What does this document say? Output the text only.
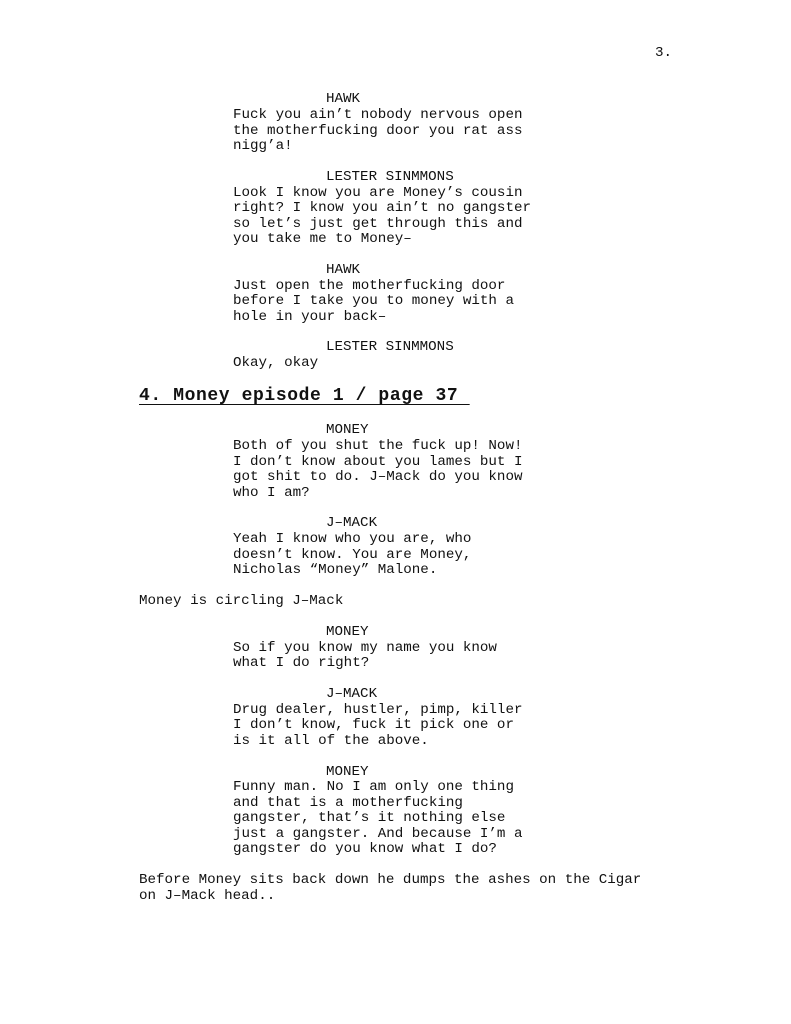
3.
HAWK
Fuck you ain’t nobody nervous open
the motherfucking door you rat ass
nigg’a!
LESTER SINMMONS
Look I know you are Money’s cousin
right? I know you ain’t no gangster
so let’s just get through this and
you take me to Money–
HAWK
Just open the motherfucking door
before I take you to money with a
hole in your back–
LESTER SINMMONS
Okay, okay
4. Money episode 1 / page 37
MONEY
Both of you shut the fuck up! Now!
I don’t know about you lames but I
got shit to do. J–Mack do you know
who I am?
J–MACK
Yeah I know who you are, who
doesn’t know. You are Money,
Nicholas “Money” Malone.
Money is circling J–Mack
MONEY
So if you know my name you know
what I do right?
J–MACK
Drug dealer, hustler, pimp, killer
I don’t know, fuck it pick one or
is it all of the above.
MONEY
Funny man. No I am only one thing
and that is a motherfucking
gangster, that’s it nothing else
just a gangster. And because I’m a
gangster do you know what I do?
Before Money sits back down he dumps the ashes on the Cigar
on J–Mack head..
